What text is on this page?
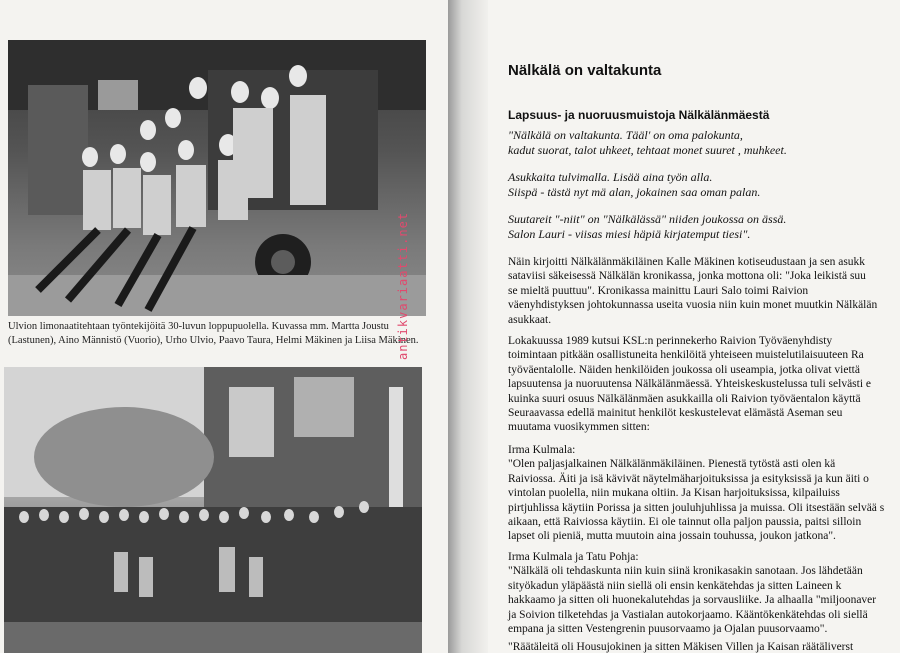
Ulvion limonaatitehtaan työntekijöitä 30-luvun loppupuolella. Kuvassa mm. Martta Joustu
(Lastunen), Aino Männistö (Vuorio), Urho Ulvio, Paavo Taura, Helmi Mäkinen ja Liisa Mäkinen.
antikvariaatti.net
Nälkälä on valtakunta
Lapsuus- ja nuoruusmuistoja Nälkälänmäestä
"Nälkälä on valtakunta. Tääl' on oma palokunta,
kadut suorat, talot uhkeet, tehtaat monet suuret , muhkeet.
Asukkaita tulvimalla. Lisää aina työn alla.
Siispä - tästä nyt mä alan, jokainen saa oman palan.
Suutareit "-niit" on "Nälkälässä" niiden joukossa on ässä.
Salon Lauri - viisas miesi häpiä kirjatemput tiesi".
Näin kirjoitti Nälkälänmäkiläinen Kalle Mäkinen kotiseudustaan ja sen asukk
sataviisi säkeisessä Nälkälän kronikassa, jonka mottona oli: "Joka leikistä suu
se mieltä puuttuu". Kronikassa mainittu Lauri Salo toimi Raivion
väenyhdistyksen johtokunnassa useita vuosia niin kuin monet muutkin Nälkälän
asukkaat.
Lokakuussa 1989 kutsui KSL:n perinnekerho Raivion Työväenyhdisty
toimintaan pitkään osallistuneita henkilöitä yhteiseen muistelutilaisuuteen Ra
työväentalolle. Näiden henkilöiden joukossa oli useampia, jotka olivat viettä
lapsuutensa ja nuoruutensa Nälkälänmäessä. Yhteiskeskustelussa tuli selvästi e
kuinka suuri osuus Nälkälänmäen asukkailla oli Raivion työväentalon käyttä
Seuraavassa edellä mainitut henkilöt keskustelevat elämästä Aseman seu
muutama vuosikymmen sitten:
Irma Kulmala:
"Olen paljasjalkainen Nälkälänmäkiläinen. Pienestä tytöstä asti olen kä
Raiviossa. Äiti ja isä kävivät näytelmäharjoituksissa ja esityksissä ja kun äiti o
vintolan puolella, niin mukana oltiin. Ja Kisan harjoituksissa, kilpailuiss
pirtjuhlissa käytiin Porissa ja sitten jouluhjuhlissa ja muissa. Oli itsestään selvää s
aikaan, että Raiviossa käytiin. Ei ole tainnut olla paljon paussia, paitsi silloin
lapset oli pieniä, mutta muutoin aina jossain touhussa, joukon jatkona".
Irma Kulmala ja Tatu Pohja:
"Nälkälä oli tehdaskunta niin kuin siinä kronikasakin sanotaan. Jos lähdetään
sityökadun yläpäästä niin siellä oli ensin kenkätehdas ja sitten Laineen k
hakkaamo ja sitten oli huonekalutehdas ja sorvausliike. Ja alhaalla "miljoonaver
ja Soivion tilketehdas ja Vastialan autokorjaamo. Kääntökenkätehdas oli siellä
empana ja sitten Vestengrenin puusorvaamo ja Ojalan puusorvaamo".
"Räätäleitä oli Housujokinen ja sitten Mäkisen Villen ja Kaisan räätäliverst
